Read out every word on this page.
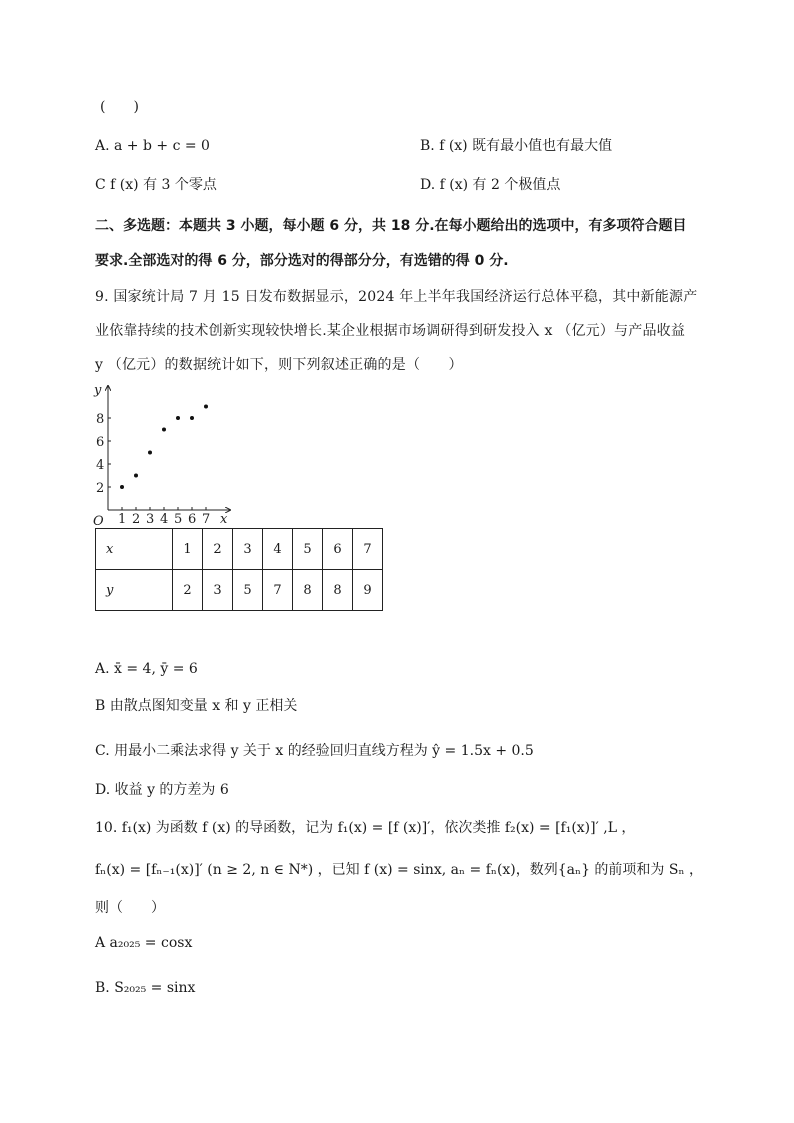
(　　)
A. a + b + c = 0	B. f (x) 既有最小值也有最大值
C f (x) 有 3 个零点	D. f (x) 有 2 个极值点
二、多选题：本题共 3 小题，每小题 6 分，共 18 分.在每小题给出的选项中，有多项符合题目
要求.全部选对的得 6 分，部分选对的得部分分，有选错的得 0 分.
9. 国家统计局 7 月 15 日发布数据显示，2024 年上半年我国经济运行总体平稳，其中新能源产
业依靠持续的技术创新实现较快增长.某企业根据市场调研得到研发投入 x （亿元）与产品收益
y （亿元）的数据统计如下，则下列叙述正确的是（　　）
O	x
y
1 2 3 4 5 6 7
2
4
6
8
x	1	2	3	4	5	6	7
y	2	3	5	7	8	8	9
A. x̄ = 4, ȳ = 6
B 由散点图知变量 x 和 y 正相关
C. 用最小二乘法求得 y 关于 x 的经验回归直线方程为 ŷ = 1.5x + 0.5
D. 收益 y 的方差为 6
10. f₁(x) 为函数 f (x) 的导函数，记为 f₁(x) = [f (x)]′，依次类推 f₂(x) = [f₁(x)]′ ,L ，
fₙ(x) = [fₙ₋₁(x)]′ (n ≥ 2, n ∈ N*) ，已知 f (x) = sinx, aₙ = fₙ(x)，数列{aₙ} 的前项和为 Sₙ ，
则（　　）
A a₂₀₂₅ = cosx
B. S₂₀₂₅ = sinx
